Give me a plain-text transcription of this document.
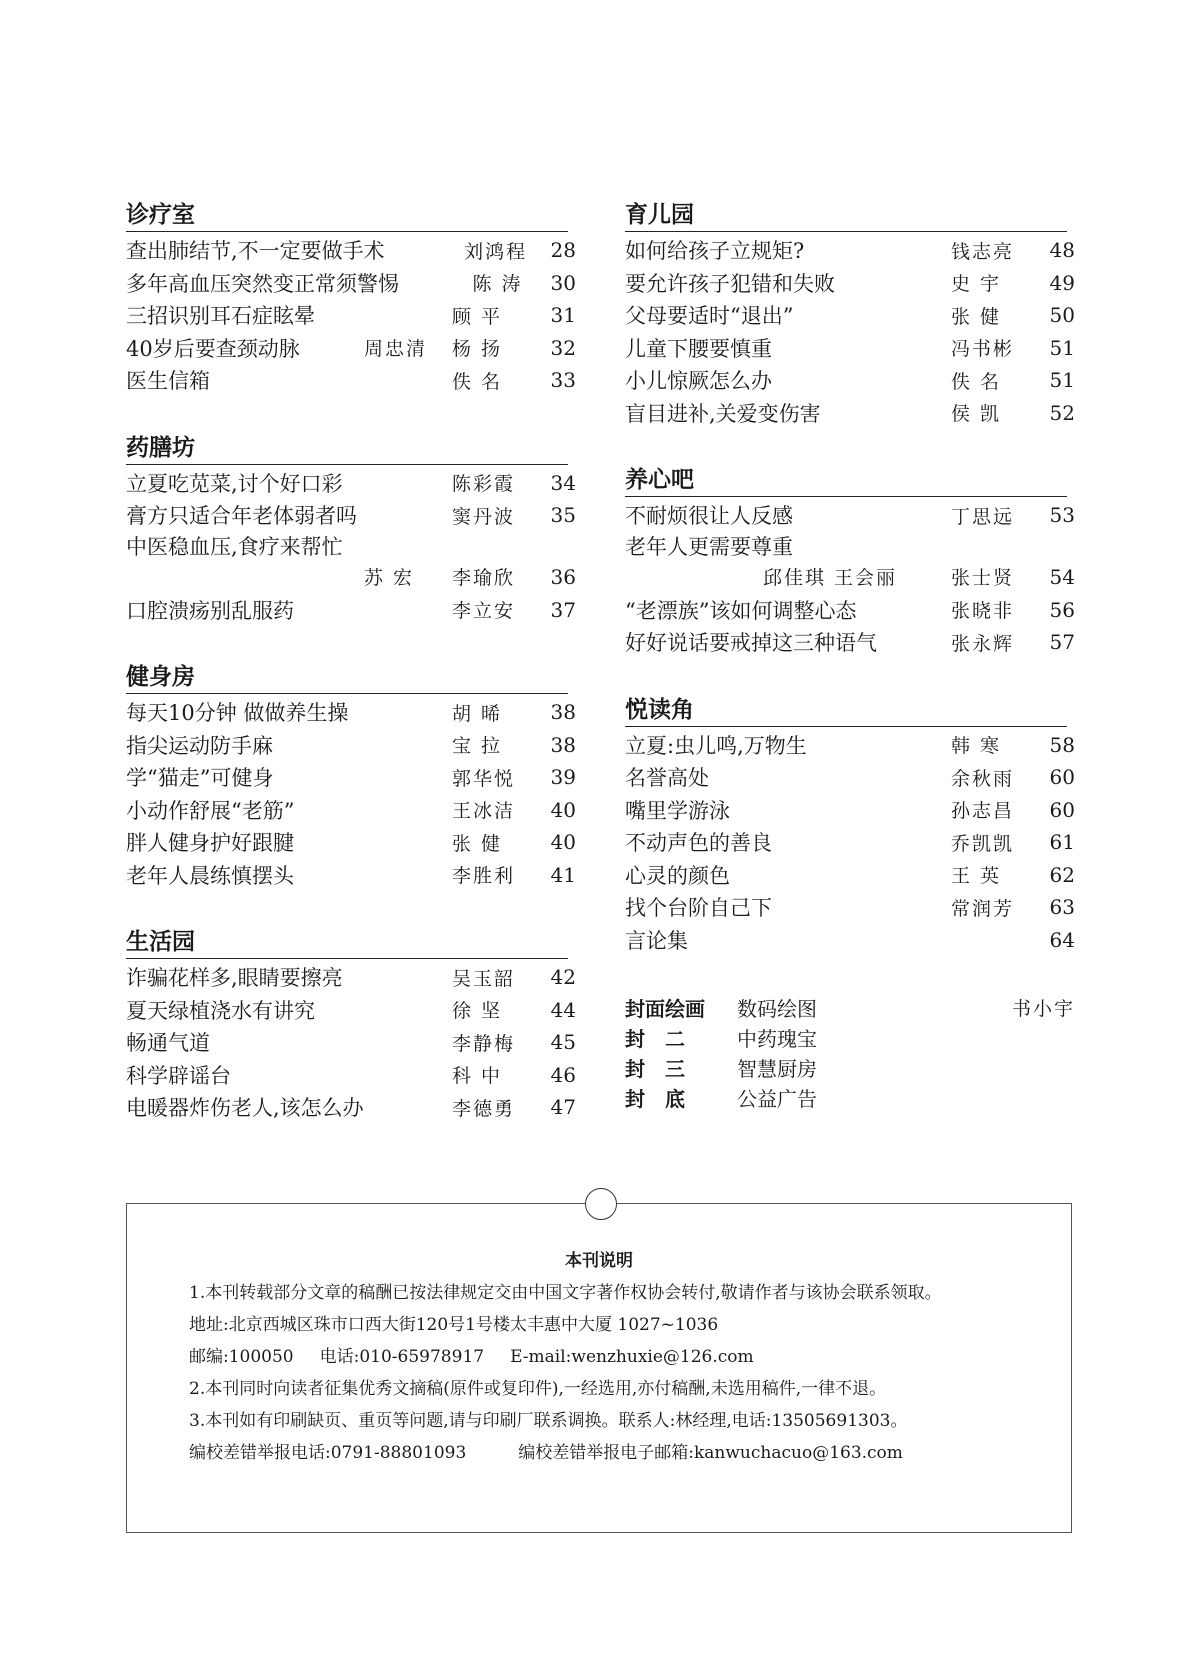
诊疗室
查出肺结节,不一定要做手术	刘鸿程	28
多年高血压突然变正常须警惕	陈 涛	30
三招识别耳石症眩晕	顾 平	31
40岁后要查颈动脉	周忠清	杨 扬	32
医生信箱	佚 名	33
药膳坊
立夏吃苋菜,讨个好口彩	陈彩霞	34
膏方只适合年老体弱者吗	窦丹波	35
中医稳血压,食疗来帮忙
苏 宏	李瑜欣	36
口腔溃疡别乱服药	李立安	37
健身房
每天10分钟 做做养生操	胡 晞	38
指尖运动防手麻	宝 拉	38
学“猫走”可健身	郭华悦	39
小动作舒展“老筋”	王冰洁	40
胖人健身护好跟腱	张 健	40
老年人晨练慎摆头	李胜利	41
生活园
诈骗花样多,眼睛要擦亮	吴玉韶	42
夏天绿植浇水有讲究	徐 坚	44
畅通气道	李静梅	45
科学辟谣台	科 中	46
电暖器炸伤老人,该怎么办	李德勇	47
育儿园
如何给孩子立规矩?	钱志亮	48
要允许孩子犯错和失败	史 宇	49
父母要适时“退出”	张 健	50
儿童下腰要慎重	冯书彬	51
小儿惊厥怎么办	佚 名	51
盲目进补,关爱变伤害	侯 凯	52
养心吧
不耐烦很让人反感	丁思远	53
老年人更需要尊重
邱佳琪 王会丽	张士贤	54
“老漂族”该如何调整心态	张晓非	56
好好说话要戒掉这三种语气	张永辉	57
悦读角
立夏:虫儿鸣,万物生	韩 寒	58
名誉高处	余秋雨	60
嘴里学游泳	孙志昌	60
不动声色的善良	乔凯凯	61
心灵的颜色	王 英	62
找个台阶自己下	常润芳	63
言论集	64
封面绘画	数码绘图	书小宇
封　二	中药瑰宝
封　三	智慧厨房
封　底	公益广告
本刊说明

1.本刊转载部分文章的稿酬已按法律规定交由中国文字著作权协会转付,敬请作者与该协会联系领取。

地址:北京西城区珠市口西大街120号1号楼太丰惠中大厦 1027~1036

邮编:100050 电话:010-65978917 E-mail:wenzhuxie@126.com

2.本刊同时向读者征集优秀文摘稿(原件或复印件),一经选用,亦付稿酬,未选用稿件,一律不退。

3.本刊如有印刷缺页、重页等问题,请与印刷厂联系调换。联系人:林经理,电话:13505691303。

编校差错举报电话:0791-88801093	编校差错举报电子邮箱:kanwuchacuo@163.com
